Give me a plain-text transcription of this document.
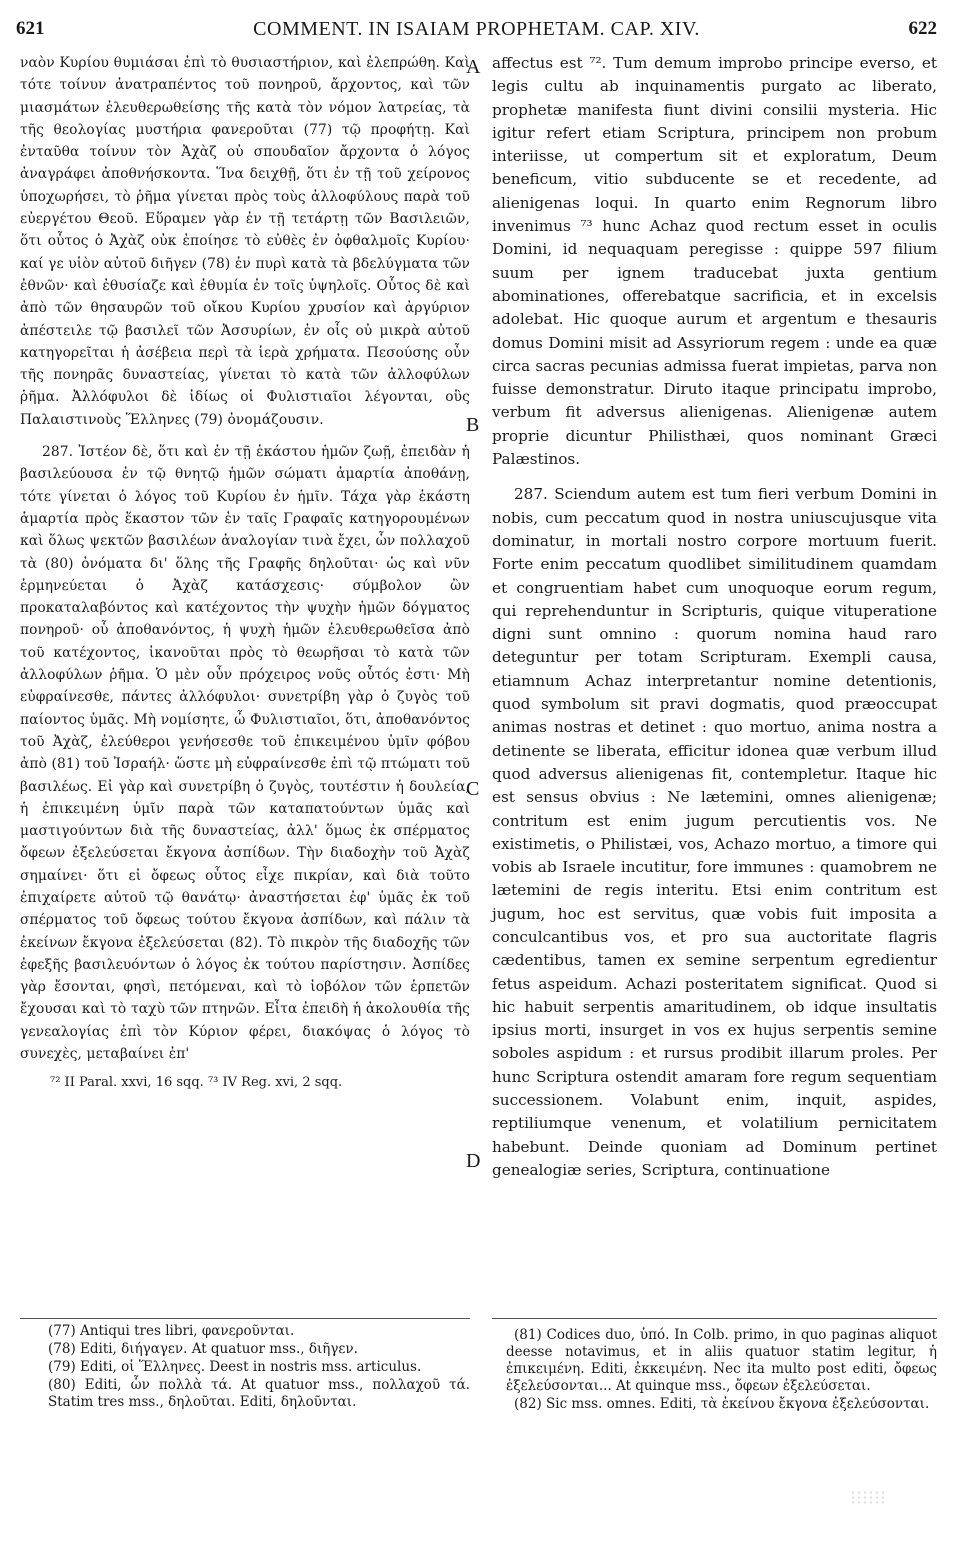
621	COMMENT. IN ISAIAM PROPHETAM. CAP. XIV.	622

ναὸν Κυρίου θυμιάσαι ἐπὶ τὸ θυσιαστήριον, καὶ ἐλεπρώθη. Καὶ τότε τοίνυν ἀνατραπέντος τοῦ πονηροῦ, ἄρχοντος, καὶ τῶν μιασμάτων ἐλευθερωθείσης τῆς κατὰ τὸν νόμον λατρείας, τὰ τῆς θεολογίας μυστήρια φανεροῦται (77) τῷ προφήτῃ. Καὶ ἐνταῦθα τοίνυν τὸν Ἀχὰζ οὐ σπουδαῖον ἄρχοντα ὁ λόγος ἀναγράφει ἀποθνήσκοντα. Ἵνα δειχθῇ, ὅτι ἐν τῇ τοῦ χείρονος ὑποχωρήσει, τὸ ῥῆμα γίνεται πρὸς τοὺς ἀλλοφύλους παρὰ τοῦ εὐεργέτου Θεοῦ. Εὕραμεν γὰρ ἐν τῇ τετάρτῃ τῶν Βασιλειῶν, ὅτι οὗτος ὁ Ἀχὰζ οὐκ ἐποίησε τὸ εὐθὲς ἐν ὀφθαλμοῖς Κυρίου· καί γε υἱὸν αὐτοῦ διῆγεν (78) ἐν πυρὶ κατὰ τὰ βδελύγματα τῶν ἐθνῶν· καὶ ἐθυσίαζε καὶ ἐθυμία ἐν τοῖς ὑψηλοῖς. Οὗτος δὲ καὶ ἀπὸ τῶν θησαυρῶν τοῦ οἴκου Κυρίου χρυσίον καὶ ἀργύριον ἀπέστειλε τῷ βασιλεῖ τῶν Ἀσσυρίων, ἐν οἷς οὐ μικρὰ αὐτοῦ κατηγορεῖται ἡ ἀσέβεια περὶ τὰ ἱερὰ χρήματα. Πεσούσης οὖν τῆς πονηρᾶς δυναστείας, γίνεται τὸ κατὰ τῶν ἀλλοφύλων ῥῆμα. Ἀλλόφυλοι δὲ ἰδίως οἱ Φυλιστιαῖοι λέγονται, οὓς Παλαιστινοὺς Ἕλληνες (79) ὀνομάζουσιν.

287. Ἰστέον δὲ, ὅτι καὶ ἐν τῇ ἑκάστου ἡμῶν ζωῇ, ἐπειδὰν ἡ βασιλεύουσα ἐν τῷ θνητῷ ἡμῶν σώματι ἁμαρτία ἀποθάνῃ, τότε γίνεται ὁ λόγος τοῦ Κυρίου ἐν ἡμῖν. Τάχα γὰρ ἑκάστη ἁμαρτία πρὸς ἕκαστον τῶν ἐν ταῖς Γραφαῖς κατηγορουμένων καὶ ὅλως ψεκτῶν βασιλέων ἀναλογίαν τινὰ ἔχει, ὧν πολλαχοῦ τὰ (80) ὀνόματα δι' ὅλης τῆς Γραφῆς δηλοῦται· ὡς καὶ νῦν ἑρμηνεύεται ὁ Ἀχὰζ κατάσχεσις· σύμβολον ὢν προκαταλαβόντος καὶ κατέχοντος τὴν ψυχὴν ἡμῶν δόγματος πονηροῦ· οὗ ἀποθανόντος, ἡ ψυχὴ ἡμῶν ἐλευθερωθεῖσα ἀπὸ τοῦ κατέχοντος, ἱκανοῦται πρὸς τὸ θεωρῆσαι τὸ κατὰ τῶν ἀλλοφύλων ῥῆμα. Ὁ μὲν οὖν πρόχειρος νοῦς οὗτός ἐστι· Μὴ εὐφραίνεσθε, πάντες ἀλλόφυλοι· συνετρίβη γὰρ ὁ ζυγὸς τοῦ παίοντος ὑμᾶς. Μὴ νομίσητε, ὦ Φυλιστιαῖοι, ὅτι, ἀποθανόντος τοῦ Ἀχὰζ, ἐλεύθεροι γενήσεσθε τοῦ ἐπικειμένου ὑμῖν φόβου ἀπὸ (81) τοῦ Ἰσραήλ· ὥστε μὴ εὐφραίνεσθε ἐπὶ τῷ πτώματι τοῦ βασιλέως. Εἰ γὰρ καὶ συνετρίβη ὁ ζυγὸς, τουτέστιν ἡ δουλεία, ἡ ἐπικειμένη ὑμῖν παρὰ τῶν καταπατούντων ὑμᾶς καὶ μαστιγούντων διὰ τῆς δυναστείας, ἀλλ' ὅμως ἐκ σπέρματος ὄφεων ἐξελεύσεται ἔκγονα ἀσπίδων. Τὴν διαδοχὴν τοῦ Ἀχὰζ σημαίνει· ὅτι εἰ ὄφεως οὗτος εἶχε πικρίαν, καὶ διὰ τοῦτο ἐπιχαίρετε αὐτοῦ τῷ θανάτῳ· ἀναστήσεται ἐφ' ὑμᾶς ἐκ τοῦ σπέρματος τοῦ ὄφεως τούτου ἔκγονα ἀσπίδων, καὶ πάλιν τὰ ἐκείνων ἔκγονα ἐξελεύσεται (82). Τὸ πικρὸν τῆς διαδοχῆς τῶν ἐφεξῆς βασιλευόντων ὁ λόγος ἐκ τούτου παρίστησιν. Ἀσπίδες γὰρ ἔσονται, φησὶ, πετόμεναι, καὶ τὸ ἰοβόλον τῶν ἑρπετῶν ἔχουσαι καὶ τὸ ταχὺ τῶν πτηνῶν. Εἶτα ἐπειδὴ ἡ ἀκολουθία τῆς γενεαλογίας ἐπὶ τὸν Κύριον φέρει, διακόψας ὁ λόγος τὸ συνεχὲς, μεταβαίνει ἐπ'

⁷² II Paral. xxvi, 16 sqq. ⁷³ IV Reg. xvi, 2 sqq.

A
B
C
D

affectus est ⁷². Tum demum improbo principe everso, et legis cultu ab inquinamentis purgato ac liberato, prophetæ manifesta fiunt divini consilii mysteria. Hic igitur refert etiam Scriptura, principem non probum interiisse, ut compertum sit et exploratum, Deum beneficum, vitio subducente se et recedente, ad alienigenas loqui. In quarto enim Regnorum libro invenimus ⁷³ hunc Achaz quod rectum esset in oculis Domini, id nequaquam peregisse : quippe 597 filium suum per ignem traducebat juxta gentium abominationes, offerebatque sacrificia, et in excelsis adolebat. Hic quoque aurum et argentum e thesauris domus Domini misit ad Assyriorum regem : unde ea quæ circa sacras pecunias admissa fuerat impietas, parva non fuisse demonstratur. Diruto itaque principatu improbo, verbum fit adversus alienigenas. Alienigenæ autem proprie dicuntur Philisthæi, quos nominant Græci Palæstinos.

287. Sciendum autem est tum fieri verbum Domini in nobis, cum peccatum quod in nostra uniuscujusque vita dominatur, in mortali nostro corpore mortuum fuerit. Forte enim peccatum quodlibet similitudinem quamdam et congruentiam habet cum unoquoque eorum regum, qui reprehenduntur in Scripturis, quique vituperatione digni sunt omnino : quorum nomina haud raro deteguntur per totam Scripturam. Exempli causa, etiamnum Achaz interpretantur nomine detentionis, quod symbolum sit pravi dogmatis, quod præoccupat animas nostras et detinet : quo mortuo, anima nostra a detinente se liberata, efficitur idonea quæ verbum illud quod adversus alienigenas fit, contempletur. Itaque hic est sensus obvius : Ne lætemini, omnes alienigenæ; contritum est enim jugum percutientis vos. Ne existimetis, o Philistæi, vos, Achazo mortuo, a timore qui vobis ab Israele incutitur, fore immunes : quamobrem ne lætemini de regis interitu. Etsi enim contritum est jugum, hoc est servitus, quæ vobis fuit imposita a conculcantibus vos, et pro sua auctoritate flagris cædentibus, tamen ex semine serpentum egredientur fetus aspeidum. Achazi posteritatem significat. Quod si hic habuit serpentis amaritudinem, ob idque insultatis ipsius morti, insurget in vos ex hujus serpentis semine soboles aspidum : et rursus prodibit illarum proles. Per hunc Scriptura ostendit amaram fore regum sequentiam successionem. Volabunt enim, inquit, aspides, reptiliumque venenum, et volatilium pernicitatem habebunt. Deinde quoniam ad Dominum pertinet genealogiæ series, Scriptura, continuatione

(77) Antiqui tres libri, φανεροῦνται.

(78) Editi, διήγαγεν. At quatuor mss., διῆγεν.

(79) Editi, οἱ Ἕλληνες. Deest in nostris mss. articulus.

(80) Editi, ὧν πολλὰ τά. At quatuor mss., πολλαχοῦ τά. Statim tres mss., δηλοῦται. Editi, δηλοῦνται.

(81) Codices duo, ὑπό. In Colb. primo, in quo paginas aliquot deesse notavimus, et in aliis quatuor statim legitur, ἡ ἐπικειμένη. Editi, ἐκκειμένη. Nec ita multo post editi, ὄφεως ἐξελεύσονται... At quinque mss., ὄφεων ἐξελεύσεται.

(82) Sic mss. omnes. Editi, τὰ ἐκείνου ἔκγονα ἐξελεύσονται.
